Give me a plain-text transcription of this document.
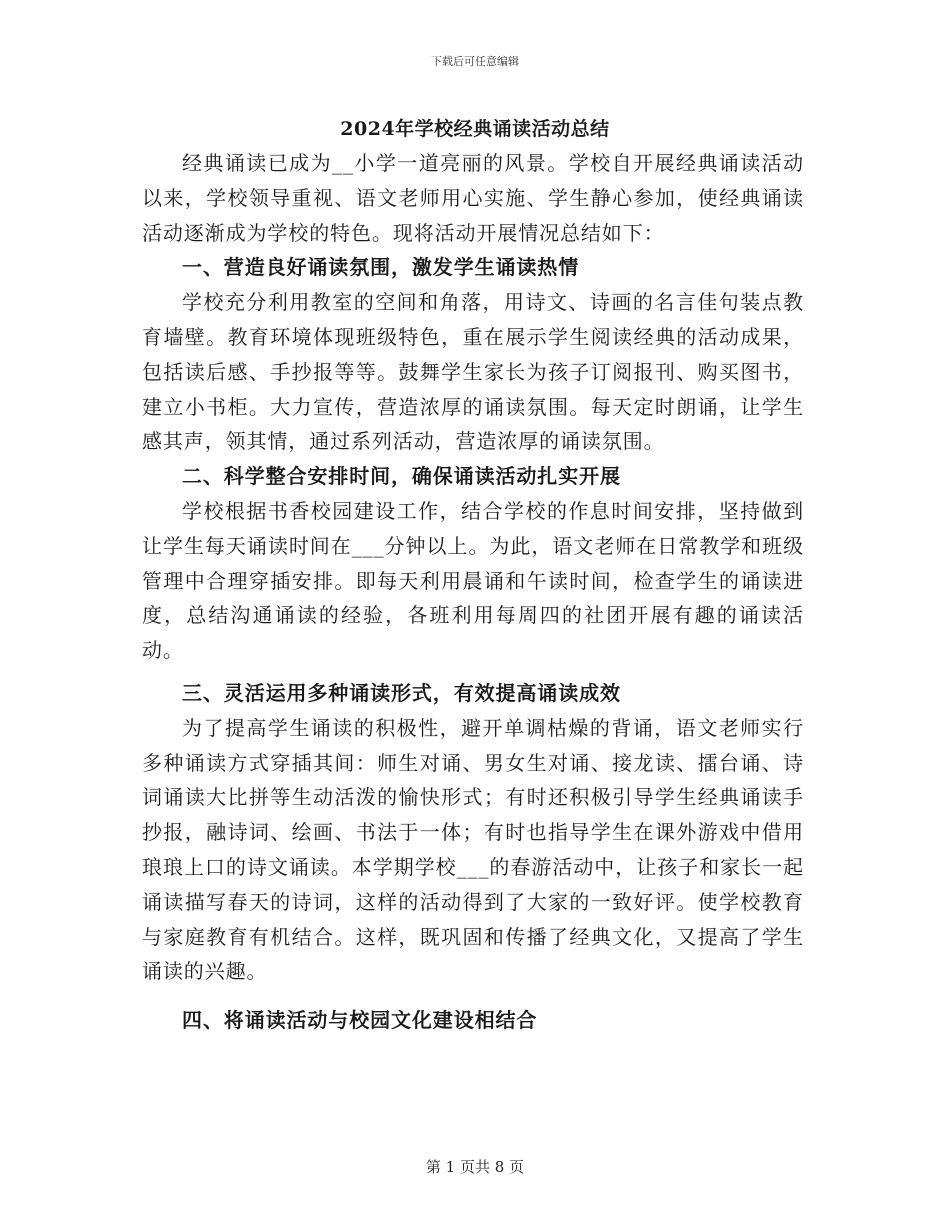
下载后可任意编辑
2024年学校经典诵读活动总结

经典诵读已成为__小学一道亮丽的风景。学校自开展经典诵读活动以来，学校领导重视、语文老师用心实施、学生静心参加，使经典诵读活动逐渐成为学校的特色。现将活动开展情况总结如下：

一、营造良好诵读氛围，激发学生诵读热情

学校充分利用教室的空间和角落，用诗文、诗画的名言佳句装点教育墙壁。教育环境体现班级特色，重在展示学生阅读经典的活动成果，包括读后感、手抄报等等。鼓舞学生家长为孩子订阅报刊、购买图书，建立小书柜。大力宣传，营造浓厚的诵读氛围。每天定时朗诵，让学生感其声，领其情，通过系列活动，营造浓厚的诵读氛围。

二、科学整合安排时间，确保诵读活动扎实开展

学校根据书香校园建设工作，结合学校的作息时间安排，坚持做到让学生每天诵读时间在___分钟以上。为此，语文老师在日常教学和班级管理中合理穿插安排。即每天利用晨诵和午读时间，检查学生的诵读进度，总结沟通诵读的经验，各班利用每周四的社团开展有趣的诵读活动。

三、灵活运用多种诵读形式，有效提高诵读成效

为了提高学生诵读的积极性，避开单调枯燥的背诵，语文老师实行多种诵读方式穿插其间：师生对诵、男女生对诵、接龙读、擂台诵、诗词诵读大比拼等生动活泼的愉快形式；有时还积极引导学生经典诵读手抄报，融诗词、绘画、书法于一体；有时也指导学生在课外游戏中借用琅琅上口的诗文诵读。本学期学校___的春游活动中，让孩子和家长一起诵读描写春天的诗词，这样的活动得到了大家的一致好评。使学校教育与家庭教育有机结合。这样，既巩固和传播了经典文化，又提高了学生诵读的兴趣。

四、将诵读活动与校园文化建设相结合

第 1 页共 8 页
